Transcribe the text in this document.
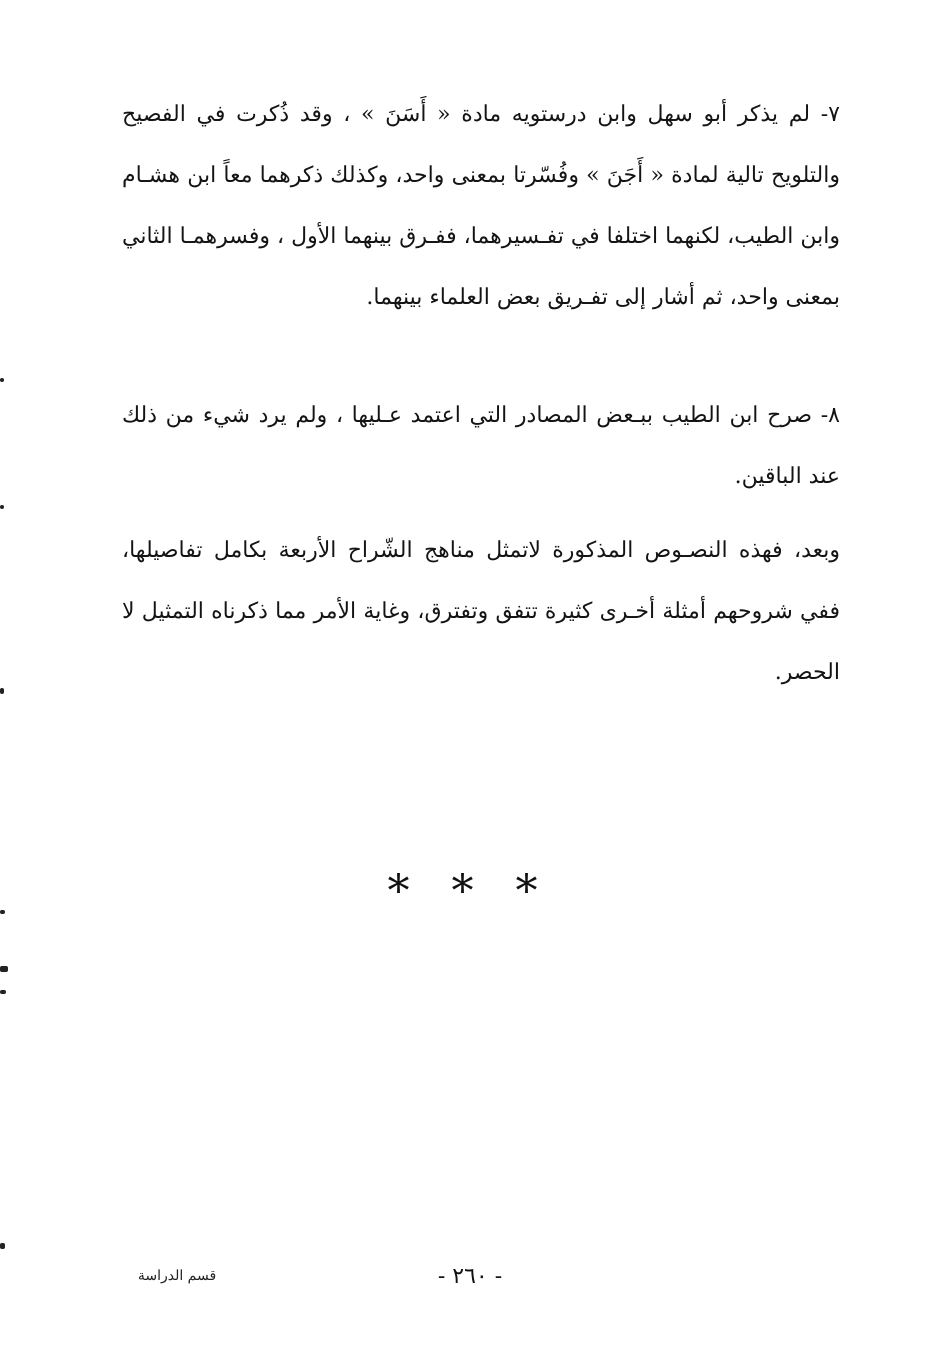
٧- لم يذكر أبو سهل وابن درستويه مادة « أَسَنَ » ، وقد ذُكرت في الفصيح والتلويح تالية لمادة « أَجَنَ » وفُسّرتا بمعنى واحد، وكذلك ذكرهما معاً ابن هشـام وابن الطيب، لكنهما اختلفا في تفـسيرهما، ففـرق بينهما الأول ، وفسرهمـا الثاني بمعنى واحد، ثم أشار إلى تفـريق بعض العلماء بينهما.

٨- صرح ابن الطيب ببـعض المصادر التي اعتمد عـليها ، ولم يرد شيء من ذلك عند الباقين.

وبعد، فهذه النصـوص المذكورة لاتمثل مناهج الشّراح الأربعة بكامل تفاصيلها، ففي شروحهم أمثلة أخـرى كثيرة تتفق وتفترق، وغاية الأمر مما ذكرناه التمثيل لا الحصر.

* * *
- ٢٦٠ -
قسم الدراسة
